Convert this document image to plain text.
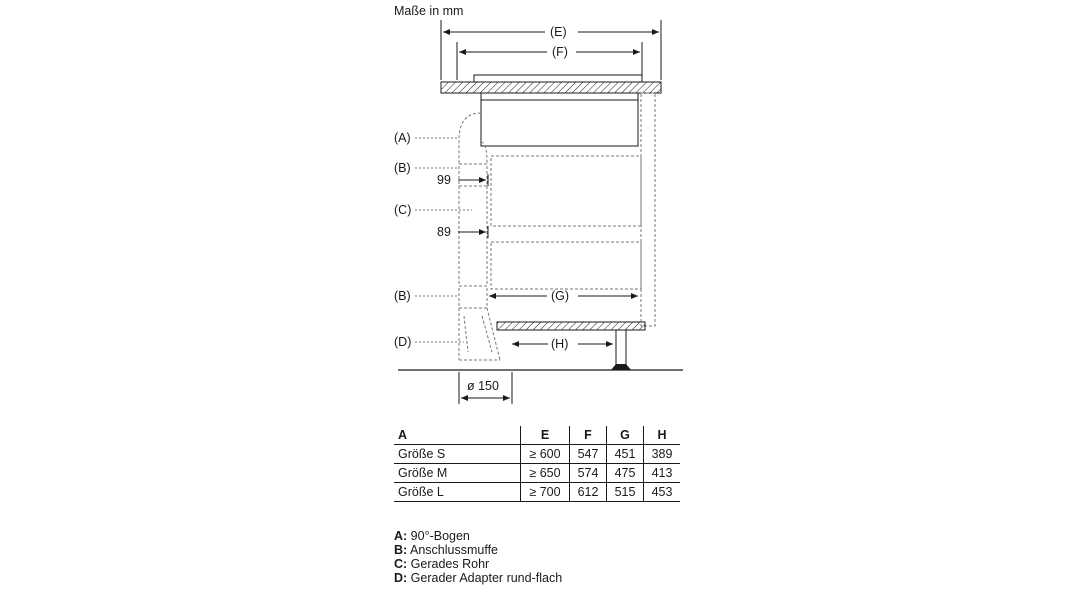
Maße in mm
(E)
(F)
(A)
(B)
(C)
(B)
(D)
99
89
(G)
(H)
ø 150
A	E	F	G	H
Größe S	≥ 600	547	451	389
Größe M	≥ 650	574	475	413
Größe L	≥ 700	612	515	453
A: 90°-Bogen
B: Anschlussmuffe
C: Gerades Rohr
D: Gerader Adapter rund-flach
